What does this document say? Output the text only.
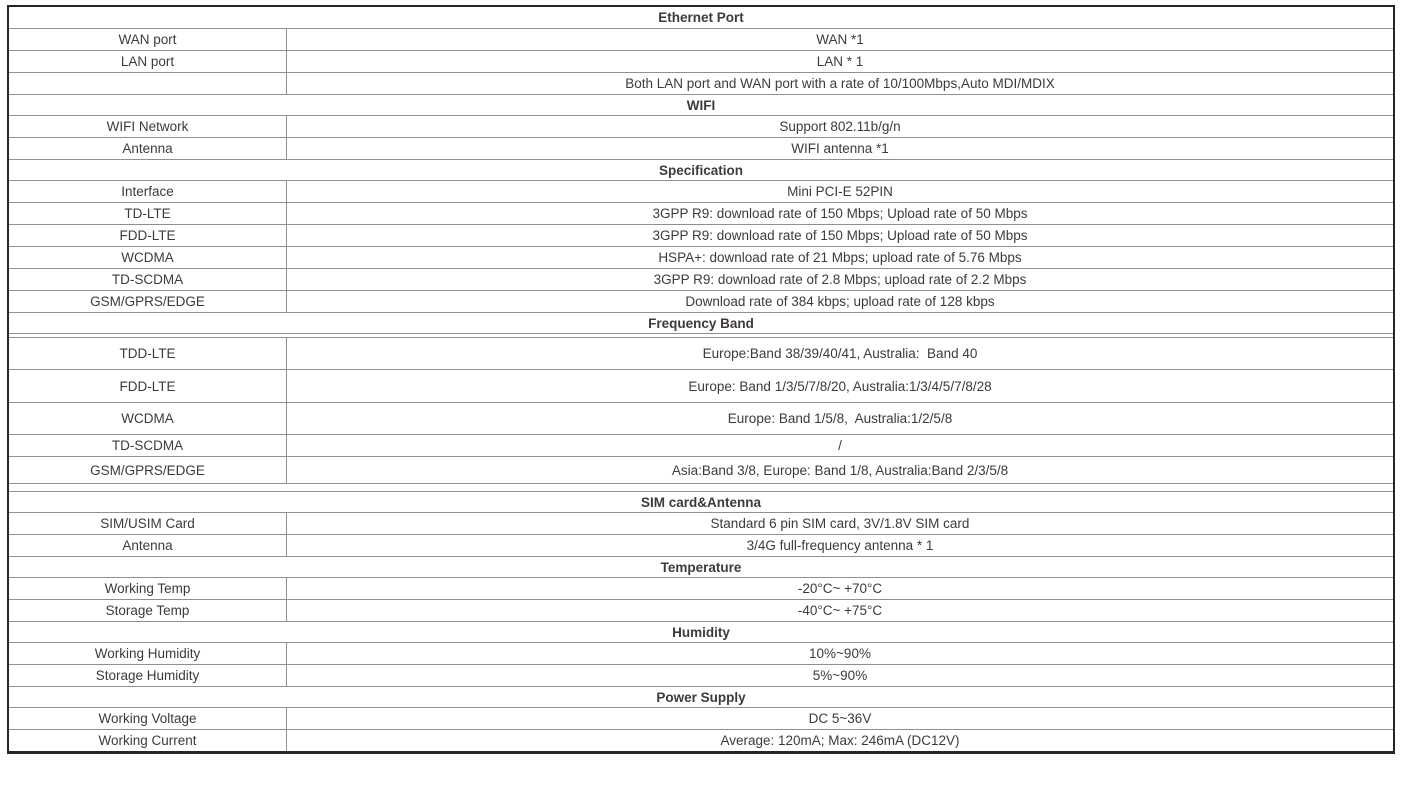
Ethernet Port
WAN port	WAN *1
LAN port	LAN * 1
Both LAN port and WAN port with a rate of 10/100Mbps,Auto MDI/MDIX
WIFI
WIFI Network	Support 802.11b/g/n
Antenna	WIFI antenna *1
Specification
Interface	Mini PCI-E 52PIN
TD-LTE	3GPP R9: download rate of 150 Mbps; Upload rate of 50 Mbps
FDD-LTE	3GPP R9: download rate of 150 Mbps; Upload rate of 50 Mbps
WCDMA	HSPA+: download rate of 21 Mbps; upload rate of 5.76 Mbps
TD-SCDMA	3GPP R9: download rate of 2.8 Mbps; upload rate of 2.2 Mbps
GSM/GPRS/EDGE	Download rate of 384 kbps; upload rate of 128 kbps
Frequency Band
TDD-LTE	Europe:Band 38/39/40/41, Australia:  Band 40
FDD-LTE	Europe: Band 1/3/5/7/8/20, Australia:1/3/4/5/7/8/28
WCDMA	Europe: Band 1/5/8,  Australia:1/2/5/8
TD-SCDMA	/
GSM/GPRS/EDGE	Asia:Band 3/8, Europe: Band 1/8, Australia:Band 2/3/5/8
SIM card&Antenna
SIM/USIM Card	Standard 6 pin SIM card, 3V/1.8V SIM card
Antenna	3/4G full-frequency antenna * 1
Temperature
Working Temp	-20°C~ +70°C
Storage Temp	-40°C~ +75°C
Humidity
Working Humidity	10%~90%
Storage Humidity	5%~90%
Power Supply
Working Voltage	DC 5~36V
Working Current	Average: 120mA; Max: 246mA (DC12V)
